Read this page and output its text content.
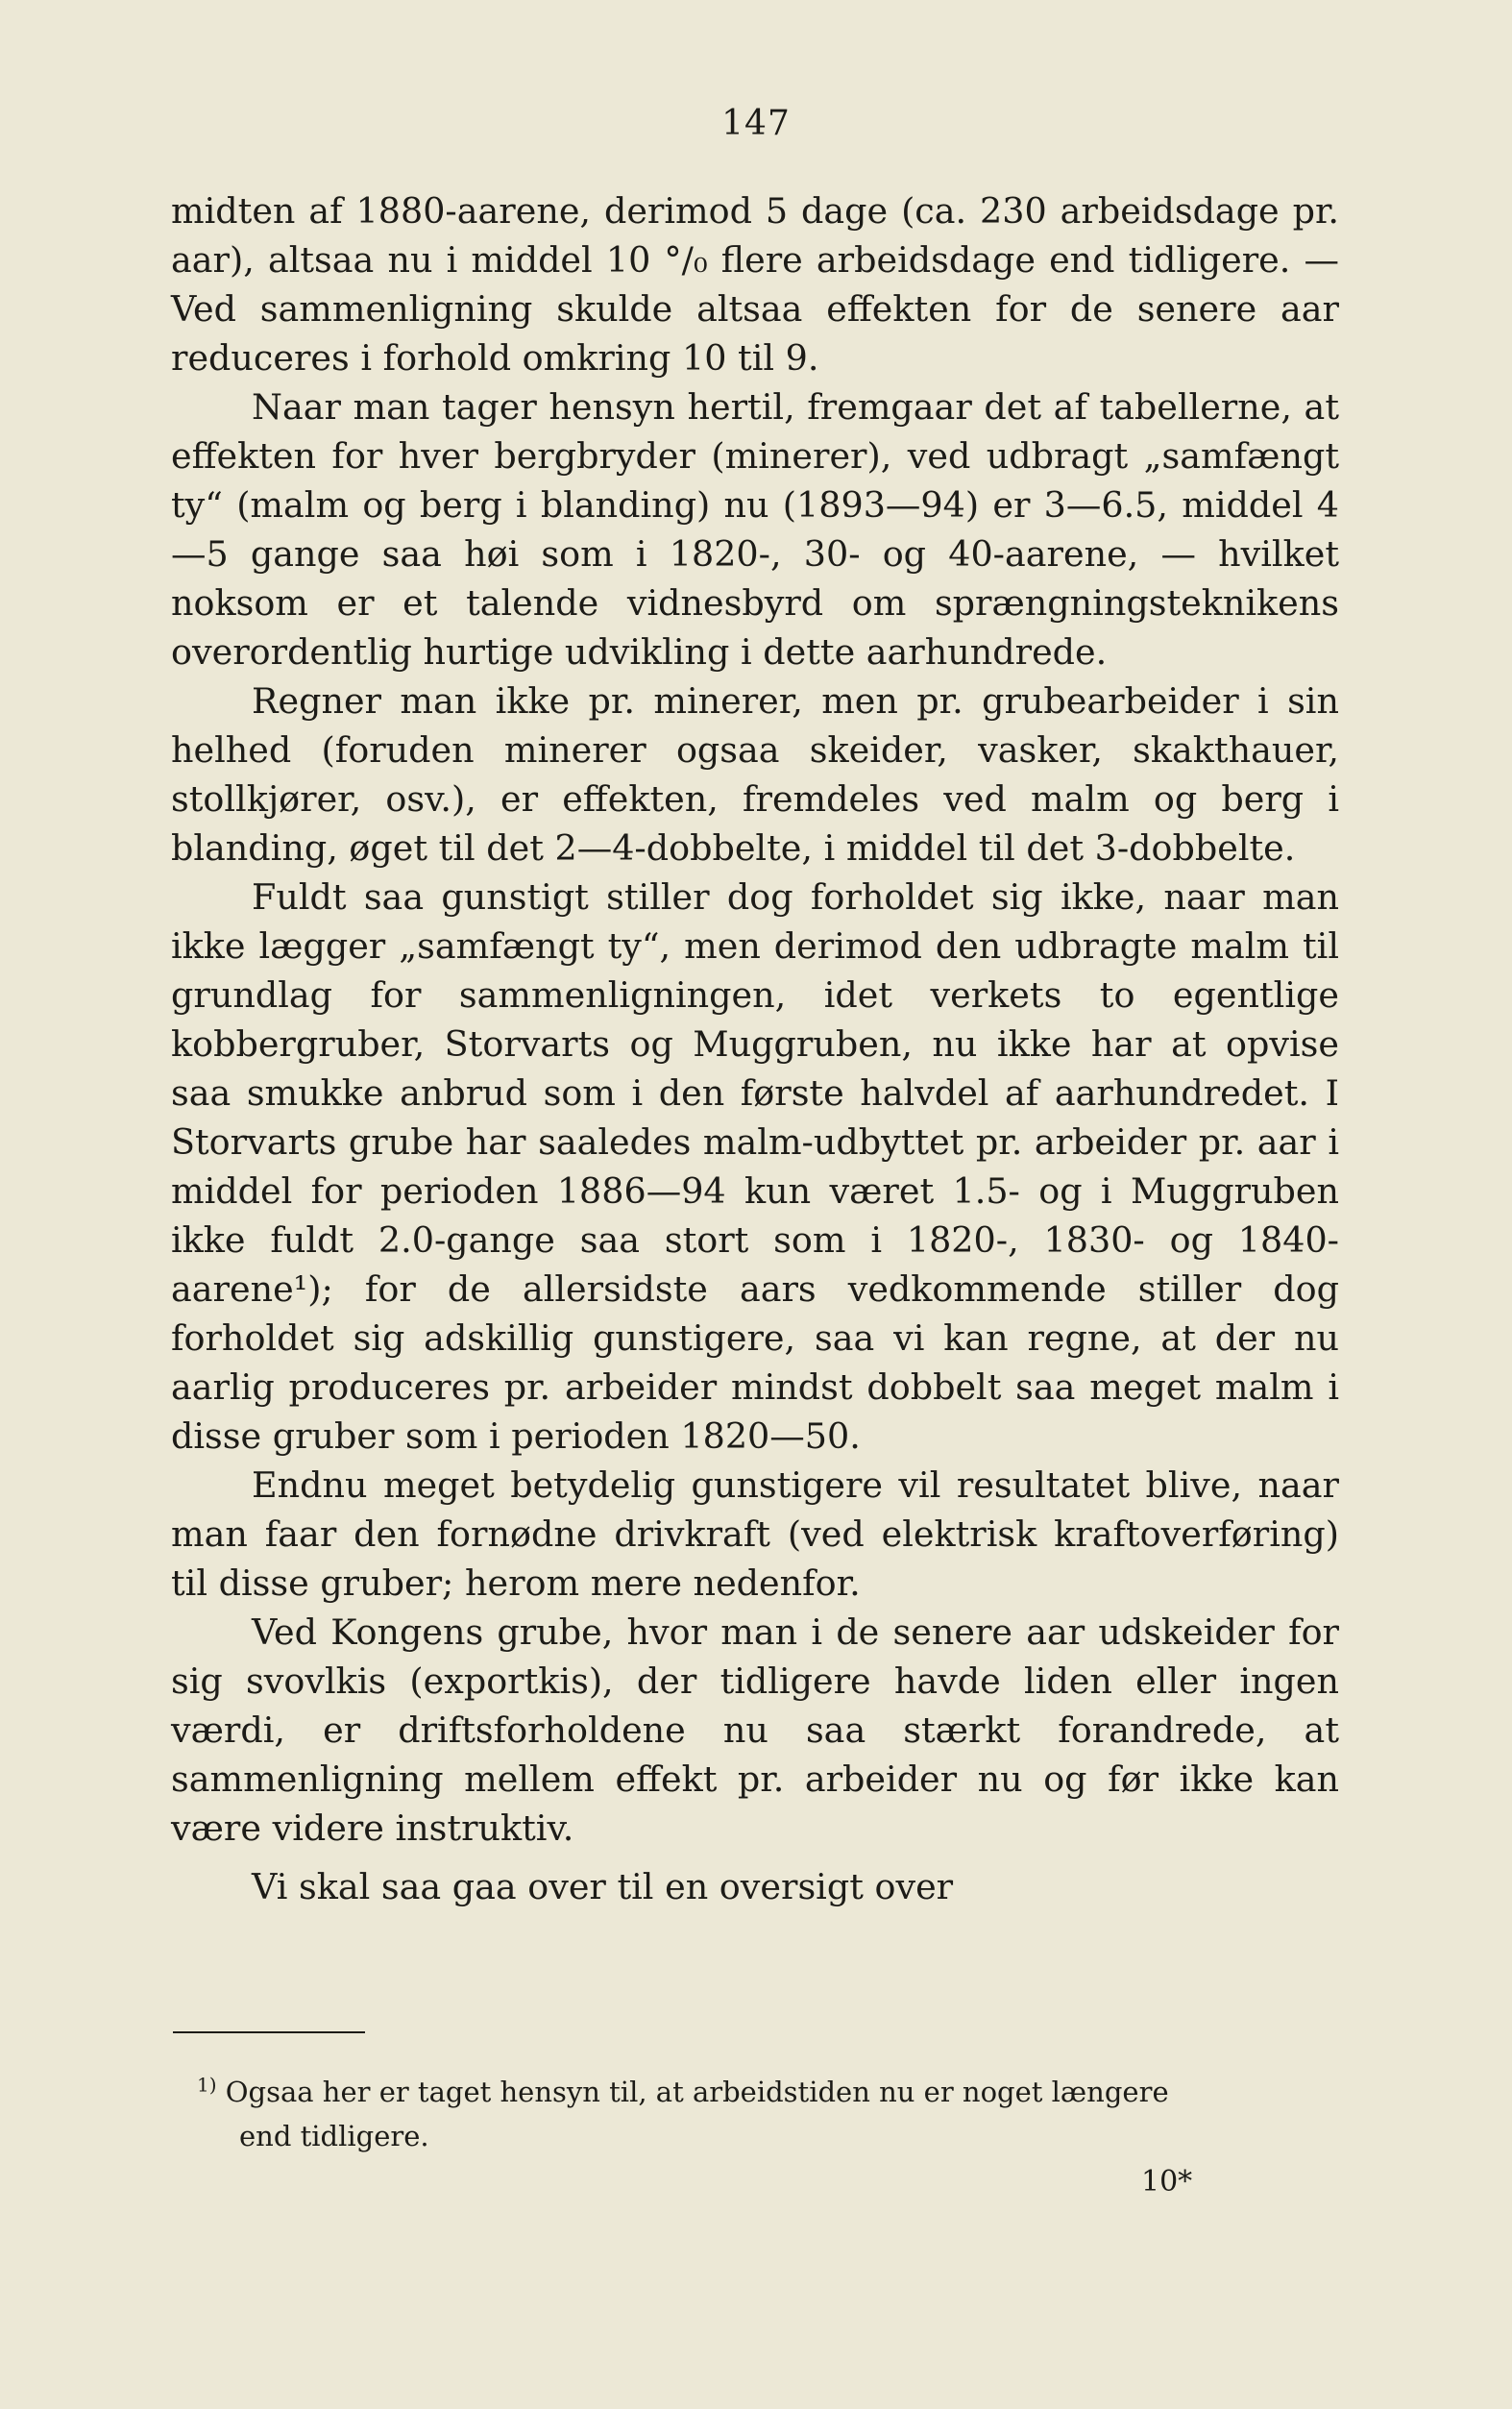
147

midten af 1880-aarene, derimod 5 dage (ca. 230 arbeidsdage pr. aar), altsaa nu i middel 10 °/₀ flere arbeidsdage end tidligere. — Ved sammenligning skulde altsaa effekten for de senere aar reduceres i forhold omkring 10 til 9.

Naar man tager hensyn hertil, fremgaar det af tabellerne, at effekten for hver bergbryder (minerer), ved udbragt „samfængt ty“ (malm og berg i blanding) nu (1893—94) er 3—6.5, middel 4—5 gange saa høi som i 1820-, 30- og 40-aarene, — hvilket noksom er et talende vidnesbyrd om sprængningsteknikens overordentlig hurtige udvikling i dette aarhundrede.

Regner man ikke pr. minerer, men pr. grubearbeider i sin helhed (foruden minerer ogsaa skeider, vasker, skakthauer, stollkjører, osv.), er effekten, fremdeles ved malm og berg i blanding, øget til det 2—4-dobbelte, i middel til det 3-dobbelte.

Fuldt saa gunstigt stiller dog forholdet sig ikke, naar man ikke lægger „samfængt ty“, men derimod den udbragte malm til grundlag for sammenligningen, idet verkets to egentlige kobbergruber, Storvarts og Muggruben, nu ikke har at opvise saa smukke anbrud som i den første halvdel af aarhundredet. I Storvarts grube har saaledes malm-udbyttet pr. arbeider pr. aar i middel for perioden 1886—94 kun været 1.5- og i Muggruben ikke fuldt 2.0-gange saa stort som i 1820-, 1830- og 1840-aarene¹); for de allersidste aars vedkommende stiller dog forholdet sig adskillig gunstigere, saa vi kan regne, at der nu aarlig produceres pr. arbeider mindst dobbelt saa meget malm i disse gruber som i perioden 1820—50.

Endnu meget betydelig gunstigere vil resultatet blive, naar man faar den fornødne drivkraft (ved elektrisk kraftoverføring) til disse gruber; herom mere nedenfor.

Ved Kongens grube, hvor man i de senere aar udskeider for sig svovlkis (exportkis), der tidligere havde liden eller ingen værdi, er driftsforholdene nu saa stærkt forandrede, at sammenligning mellem effekt pr. arbeider nu og før ikke kan være videre instruktiv.

Vi skal saa gaa over til en oversigt over

$^{1)}$ Ogsaa her er taget hensyn til, at arbeidstiden nu er noget længere
end tidligere.
10*
